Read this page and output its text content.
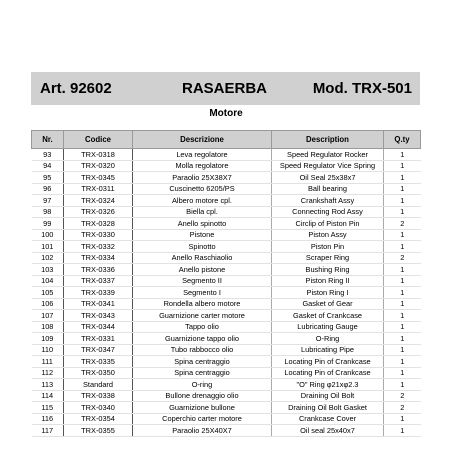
Art. 92602	RASAERBA	Mod. TRX-501
Motore
Nr.	Codice	Descrizione	Description	Q.ty
93	TRX-0318	Leva regolatore	Speed Regulator Rocker	1
94	TRX-0320	Molla regolatore	Speed Regulator Vice Spring	1
95	TRX-0345	Paraolio 25X38X7	Oil Seal 25x38x7	1
96	TRX-0311	Cuscinetto 6205/PS	Ball bearing	1
97	TRX-0324	Albero motore cpl.	Crankshaft Assy	1
98	TRX-0326	Biella cpl.	Connecting Rod Assy	1
99	TRX-0328	Anello spinotto	Circlip of Piston Pin	2
100	TRX-0330	Pistone	Piston Assy	1
101	TRX-0332	Spinotto	Piston Pin	1
102	TRX-0334	Anello Raschiaolio	Scraper Ring	2
103	TRX-0336	Anello pistone	Bushing Ring	1
104	TRX-0337	Segmento II	Piston Ring II	1
105	TRX-0339	Segmento I	Piston Ring I	1
106	TRX-0341	Rondella albero motore	Gasket of Gear	1
107	TRX-0343	Guarnizione carter motore	Gasket of Crankcase	1
108	TRX-0344	Tappo olio	Lubricating Gauge	1
109	TRX-0331	Guarnizione tappo olio	O-Ring	1
110	TRX-0347	Tubo rabbocco olio	Lubricating Pipe	1
111	TRX-0335	Spina centraggio	Locating Pin of Crankcase	1
112	TRX-0350	Spina centraggio	Locating Pin of Crankcase	1
113	Standard	O-ring	"O" Ring φ21xφ2.3	1
114	TRX-0338	Bullone drenaggio olio	Draining Oil Bolt	2
115	TRX-0340	Guarnizione bullone	Draining Oil Bolt Gasket	2
116	TRX-0354	Coperchio carter motore	Crankcase Cover	1
117	TRX-0355	Paraolio 25X40X7	Oil seal 25x40x7	1
